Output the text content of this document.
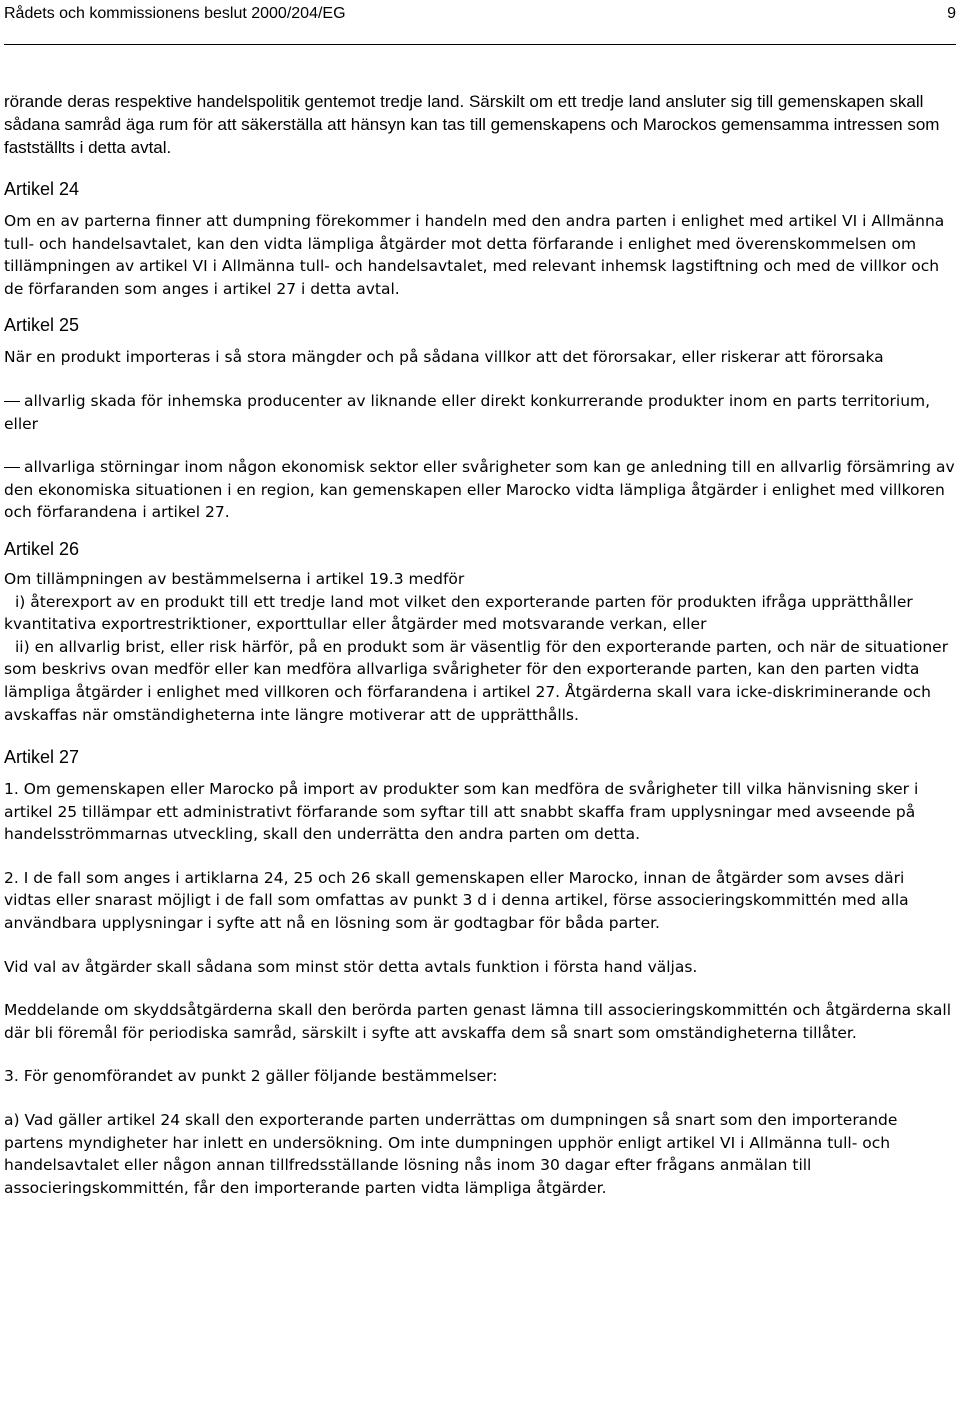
Rådets och kommissionens beslut 2000/204/EG	9

rörande deras respektive handelspolitik gentemot tredje land. Särskilt om ett tredje land ansluter sig till gemenskapen skall sådana samråd äga rum för att säkerställa att hänsyn kan tas till gemenskapens och Marockos gemensamma intressen som fastställts i detta avtal.

Artikel 24

Om en av parterna finner att dumpning förekommer i handeln med den andra parten i enlighet med artikel VI i Allmänna tull- och handelsavtalet, kan den vidta lämpliga åtgärder mot detta förfarande i enlighet med överenskommelsen om tillämpningen av artikel VI i Allmänna tull- och handelsavtalet, med relevant inhemsk lagstiftning och med de villkor och de förfaranden som anges i artikel 27 i detta avtal.

Artikel 25

När en produkt importeras i så stora mängder och på sådana villkor att det förorsakar, eller riskerar att förorsaka

allvarlig skada för inhemska producenter av liknande eller direkt konkurrerande produkter inom en parts territorium, eller

allvarliga störningar inom någon ekonomisk sektor eller svårigheter som kan ge anledning till en allvarlig försämring av den ekonomiska situationen i en region, kan gemenskapen eller Marocko vidta lämpliga åtgärder i enlighet med villkoren och förfarandena i artikel 27.

Artikel 26

Om tillämpningen av bestämmelserna i artikel 19.3 medför

i) återexport av en produkt till ett tredje land mot vilket den exporterande parten för produkten ifråga upprätthåller kvantitativa exportrestriktioner, exporttullar eller åtgärder med motsvarande verkan, eller

ii) en allvarlig brist, eller risk härför, på en produkt som är väsentlig för den exporterande parten, och när de situationer som beskrivs ovan medför eller kan medföra allvarliga svårigheter för den exporterande parten, kan den parten vidta lämpliga åtgärder i enlighet med villkoren och förfarandena i artikel 27. Åtgärderna skall vara icke-diskriminerande och avskaffas när omständigheterna inte längre motiverar att de upprätthålls.

Artikel 27

1. Om gemenskapen eller Marocko på import av produkter som kan medföra de svårigheter till vilka hänvisning sker i artikel 25 tillämpar ett administrativt förfarande som syftar till att snabbt skaffa fram upplysningar med avseende på handelsströmmarnas utveckling, skall den underrätta den andra parten om detta.

2. I de fall som anges i artiklarna 24, 25 och 26 skall gemenskapen eller Marocko, innan de åtgärder som avses däri vidtas eller snarast möjligt i de fall som omfattas av punkt 3 d i denna artikel, förse associeringskommittén med alla användbara upplysningar i syfte att nå en lösning som är godtagbar för båda parter.

Vid val av åtgärder skall sådana som minst stör detta avtals funktion i första hand väljas.

Meddelande om skyddsåtgärderna skall den berörda parten genast lämna till associeringskommittén och åtgärderna skall där bli föremål för periodiska samråd, särskilt i syfte att avskaffa dem så snart som omständigheterna tillåter.

3. För genomförandet av punkt 2 gäller följande bestämmelser:

a) Vad gäller artikel 24 skall den exporterande parten underrättas om dumpningen så snart som den importerande partens myndigheter har inlett en undersökning. Om inte dumpningen upphör enligt artikel VI i Allmänna tull- och handelsavtalet eller någon annan tillfredsställande lösning nås inom 30 dagar efter frågans anmälan till associeringskommittén, får den importerande parten vidta lämpliga åtgärder.
